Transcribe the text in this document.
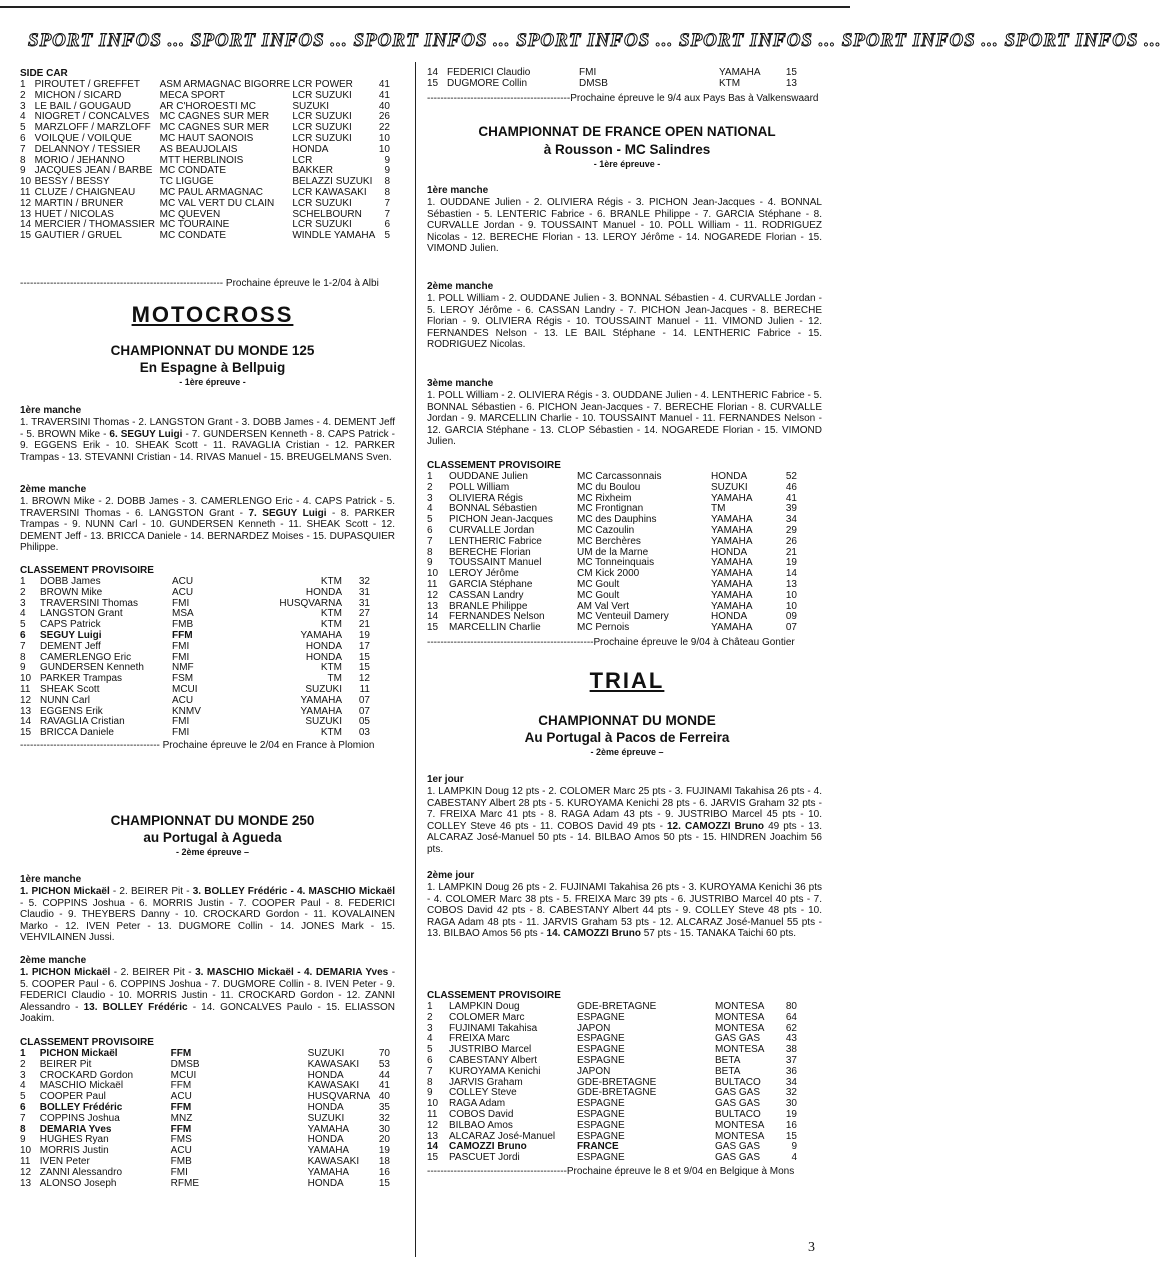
SPORT INFOS ... SPORT INFOS ... SPORT INFOS ... SPORT INFOS ... SPORT INFOS ... SPORT INFOS ... SPORT INFOS ...
SIDE CAR
1	PIROUTET / GREFFET	ASM ARMAGNAC BIGORRE	LCR POWER	41
2	MICHON / SICARD	MECA SPORT	LCR SUZUKI	41
3	LE BAIL / GOUGAUD	AR C'HOROESTI MC	SUZUKI	40
4	NIOGRET / CONCALVES	MC CAGNES SUR MER	LCR SUZUKI	26
5	MARZLOFF / MARZLOFF	MC CAGNES SUR MER	LCR SUZUKI	22
6	VOILQUE / VOILQUE	MC HAUT SAONOIS	LCR SUZUKI	10
7	DELANNOY / TESSIER	AS BEAUJOLAIS	HONDA	10
8	MORIO / JEHANNO	MTT HERBLINOIS	LCR	9
9	JACQUES JEAN / BARBE	MC CONDATE	BAKKER	9
10	BESSY / BESSY	TC LIGUGE	BELAZZI SUZUKI	8
11	CLUZE / CHAIGNEAU	MC PAUL ARMAGNAC	LCR KAWASAKI	8
12	MARTIN / BRUNER	MC VAL VERT DU CLAIN	LCR SUZUKI	7
13	HUET / NICOLAS	MC QUEVEN	SCHELBOURN	7
14	MERCIER / THOMASSIER	MC TOURAINE	LCR SUZUKI	6
15	GAUTIER / GRUEL	MC CONDATE	WINDLE YAMAHA	5
------------------------------------------------------------- Prochaine épreuve le 1-2/04 à Albi
MOTOCROSS
CHAMPIONNAT DU MONDE 125
En Espagne à Bellpuig
- 1ère épreuve -
1ère manche
1. TRAVERSINI Thomas - 2. LANGSTON Grant - 3. DOBB James - 4. DEMENT Jeff - 5. BROWN Mike - 6. SEGUY Luigi - 7. GUNDERSEN Kenneth - 8. CAPS Patrick - 9. EGGENS Erik - 10. SHEAK Scott - 11. RAVAGLIA Cristian - 12. PARKER Trampas - 13. STEVANNI Cristian - 14. RIVAS Manuel - 15. BREUGELMANS Sven.
2ème manche
1. BROWN Mike - 2. DOBB James - 3. CAMERLENGO Eric - 4. CAPS Patrick - 5. TRAVERSINI Thomas - 6. LANGSTON Grant - 7. SEGUY Luigi - 8. PARKER Trampas - 9. NUNN Carl - 10. GUNDERSEN Kenneth - 11. SHEAK Scott - 12. DEMENT Jeff - 13. BRICCA Daniele - 14. BERNARDEZ Moises - 15. DUPASQUIER Philippe.
CLASSEMENT PROVISOIRE
1	DOBB James	ACU	KTM	32
2	BROWN Mike	ACU	HONDA	31
3	TRAVERSINI Thomas	FMI	HUSQVARNA	31
4	LANGSTON Grant	MSA	KTM	27
5	CAPS Patrick	FMB	KTM	21
6	SEGUY Luigi	FFM	YAMAHA	19
7	DEMENT Jeff	FMI	HONDA	17
8	CAMERLENGO Eric	FMI	HONDA	15
9	GUNDERSEN Kenneth	NMF	KTM	15
10	PARKER Trampas	FSM	TM	12
11	SHEAK Scott	MCUI	SUZUKI	11
12	NUNN Carl	ACU	YAMAHA	07
13	EGGENS Erik	KNMV	YAMAHA	07
14	RAVAGLIA Cristian	FMI	SUZUKI	05
15	BRICCA Daniele	FMI	KTM	03
------------------------------------------ Prochaine épreuve le 2/04 en France à Plomion
CHAMPIONNAT DU MONDE 250
au Portugal à Agueda
- 2ème épreuve –
1ère manche
1. PICHON Mickaël - 2. BEIRER Pit - 3. BOLLEY Frédéric - 4. MASCHIO Mickaël - 5. COPPINS Joshua - 6. MORRIS Justin - 7. COOPER Paul - 8. FEDERICI Claudio - 9. THEYBERS Danny - 10. CROCKARD Gordon - 11. KOVALAINEN Marko - 12. IVEN Peter - 13. DUGMORE Collin - 14. JONES Mark - 15. VEHVILAINEN Jussi.
2ème manche
1. PICHON Mickaël - 2. BEIRER Pit - 3. MASCHIO Mickaël - 4. DEMARIA Yves - 5. COOPER Paul - 6. COPPINS Joshua - 7. DUGMORE Collin - 8. IVEN Peter - 9. FEDERICI Claudio - 10. MORRIS Justin - 11. CROCKARD Gordon - 12. ZANNI Alessandro - 13. BOLLEY Frédéric - 14. GONCALVES Paulo - 15. ELIASSON Joakim.
CLASSEMENT PROVISOIRE
1	PICHON Mickaël	FFM	SUZUKI	70
2	BEIRER Pit	DMSB	KAWASAKI	53
3	CROCKARD Gordon	MCUI	HONDA	44
4	MASCHIO Mickaël	FFM	KAWASAKI	41
5	COOPER Paul	ACU	HUSQVARNA	40
6	BOLLEY Frédéric	FFM	HONDA	35
7	COPPINS Joshua	MNZ	SUZUKI	32
8	DEMARIA Yves	FFM	YAMAHA	30
9	HUGHES Ryan	FMS	HONDA	20
10	MORRIS Justin	ACU	YAMAHA	19
11	IVEN Peter	FMB	KAWASAKI	18
12	ZANNI Alessandro	FMI	YAMAHA	16
13	ALONSO Joseph	RFME	HONDA	15
14	FEDERICI Claudio	FMI	YAMAHA	15
15	DUGMORE Collin	DMSB	KTM	13
-------------------------------------------Prochaine épreuve le 9/4 aux Pays Bas à Valkenswaard
CHAMPIONNAT DE FRANCE OPEN NATIONAL
à Rousson - MC Salindres
- 1ère épreuve -
1ère manche
1. OUDDANE Julien - 2. OLIVIERA Régis - 3. PICHON Jean-Jacques - 4. BONNAL Sébastien - 5. LENTERIC Fabrice - 6. BRANLE Philippe - 7. GARCIA Stéphane - 8. CURVALLE Jordan - 9. TOUSSAINT Manuel - 10. POLL William - 11. RODRIGUEZ Nicolas - 12. BERECHE Florian - 13. LEROY Jérôme - 14. NOGAREDE Florian - 15. VIMOND Julien.
2ème manche
1. POLL William - 2. OUDDANE Julien - 3. BONNAL Sébastien - 4. CURVALLE Jordan - 5. LEROY Jérôme - 6. CASSAN Landry - 7. PICHON Jean-Jacques - 8. BERECHE Florian - 9. OLIVIERA Régis - 10. TOUSSAINT Manuel - 11. VIMOND Julien - 12. FERNANDES Nelson - 13. LE BAIL Stéphane - 14. LENTHERIC Fabrice - 15. RODRIGUEZ Nicolas.
3ème manche
1. POLL William - 2. OLIVIERA Régis - 3. OUDDANE Julien - 4. LENTHERIC Fabrice - 5. BONNAL Sébastien - 6. PICHON Jean-Jacques - 7. BERECHE Florian - 8. CURVALLE Jordan - 9. MARCELLIN Charlie - 10. TOUSSAINT Manuel - 11. FERNANDES Nelson - 12. GARCIA Stéphane - 13. CLOP Sébastien - 14. NOGAREDE Florian - 15. VIMOND Julien.
CLASSEMENT PROVISOIRE
1	OUDDANE Julien	MC Carcassonnais	HONDA	52
2	POLL William	MC du Boulou	SUZUKI	46
3	OLIVIERA Régis	MC Rixheim	YAMAHA	41
4	BONNAL Sébastien	MC Frontignan	TM	39
5	PICHON Jean-Jacques	MC des Dauphins	YAMAHA	34
6	CURVALLE Jordan	MC Cazoulin	YAMAHA	29
7	LENTHERIC Fabrice	MC Berchères	YAMAHA	26
8	BERECHE Florian	UM de la Marne	HONDA	21
9	TOUSSAINT Manuel	MC Tonneinquais	YAMAHA	19
10	LEROY Jérôme	CM Kick 2000	YAMAHA	14
11	GARCIA Stéphane	MC Goult	YAMAHA	13
12	CASSAN Landry	MC Goult	YAMAHA	10
13	BRANLE Philippe	AM Val Vert	YAMAHA	10
14	FERNANDES Nelson	MC Venteuil Damery	HONDA	09
15	MARCELLIN Charlie	MC Pernois	YAMAHA	07
--------------------------------------------------Prochaine épreuve le 9/04 à Château Gontier
TRIAL
CHAMPIONNAT DU MONDE
Au Portugal à Pacos de Ferreira
- 2ème épreuve –
1er jour
1. LAMPKIN Doug 12 pts - 2. COLOMER Marc 25 pts - 3. FUJINAMI Takahisa 26 pts - 4. CABESTANY Albert 28 pts - 5. KUROYAMA Kenichi 28 pts - 6. JARVIS Graham 32 pts - 7. FREIXA Marc 41 pts - 8. RAGA Adam 43 pts - 9. JUSTRIBO Marcel 45 pts - 10. COLLEY Steve 46 pts - 11. COBOS David 49 pts - 12. CAMOZZI Bruno 49 pts - 13. ALCARAZ José-Manuel 50 pts - 14. BILBAO Amos 50 pts - 15. HINDREN Joachim 56 pts.
2ème jour
1. LAMPKIN Doug 26 pts - 2. FUJINAMI Takahisa 26 pts - 3. KUROYAMA Kenichi 36 pts - 4. COLOMER Marc 38 pts - 5. FREIXA Marc 39 pts - 6. JUSTRIBO Marcel 40 pts - 7. COBOS David 42 pts - 8. CABESTANY Albert 44 pts - 9. COLLEY Steve 48 pts - 10. RAGA Adam 48 pts - 11. JARVIS Graham 53 pts - 12. ALCARAZ José-Manuel 55 pts - 13. BILBAO Amos 56 pts - 14. CAMOZZI Bruno 57 pts - 15. TANAKA Taichi 60 pts.
CLASSEMENT PROVISOIRE
1	LAMPKIN Doug	GDE-BRETAGNE	MONTESA	80
2	COLOMER Marc	ESPAGNE	MONTESA	64
3	FUJINAMI Takahisa	JAPON	MONTESA	62
4	FREIXA Marc	ESPAGNE	GAS GAS	43
5	JUSTRIBO Marcel	ESPAGNE	MONTESA	38
6	CABESTANY Albert	ESPAGNE	BETA	37
7	KUROYAMA Kenichi	JAPON	BETA	36
8	JARVIS Graham	GDE-BRETAGNE	BULTACO	34
9	COLLEY Steve	GDE-BRETAGNE	GAS GAS	32
10	RAGA Adam	ESPAGNE	GAS GAS	30
11	COBOS David	ESPAGNE	BULTACO	19
12	BILBAO Amos	ESPAGNE	MONTESA	16
13	ALCARAZ José-Manuel	ESPAGNE	MONTESA	15
14	CAMOZZI Bruno	FRANCE	GAS GAS	9
15	PASCUET Jordi	ESPAGNE	GAS GAS	4
------------------------------------------Prochaine épreuve le 8 et 9/04 en Belgique à Mons
3
